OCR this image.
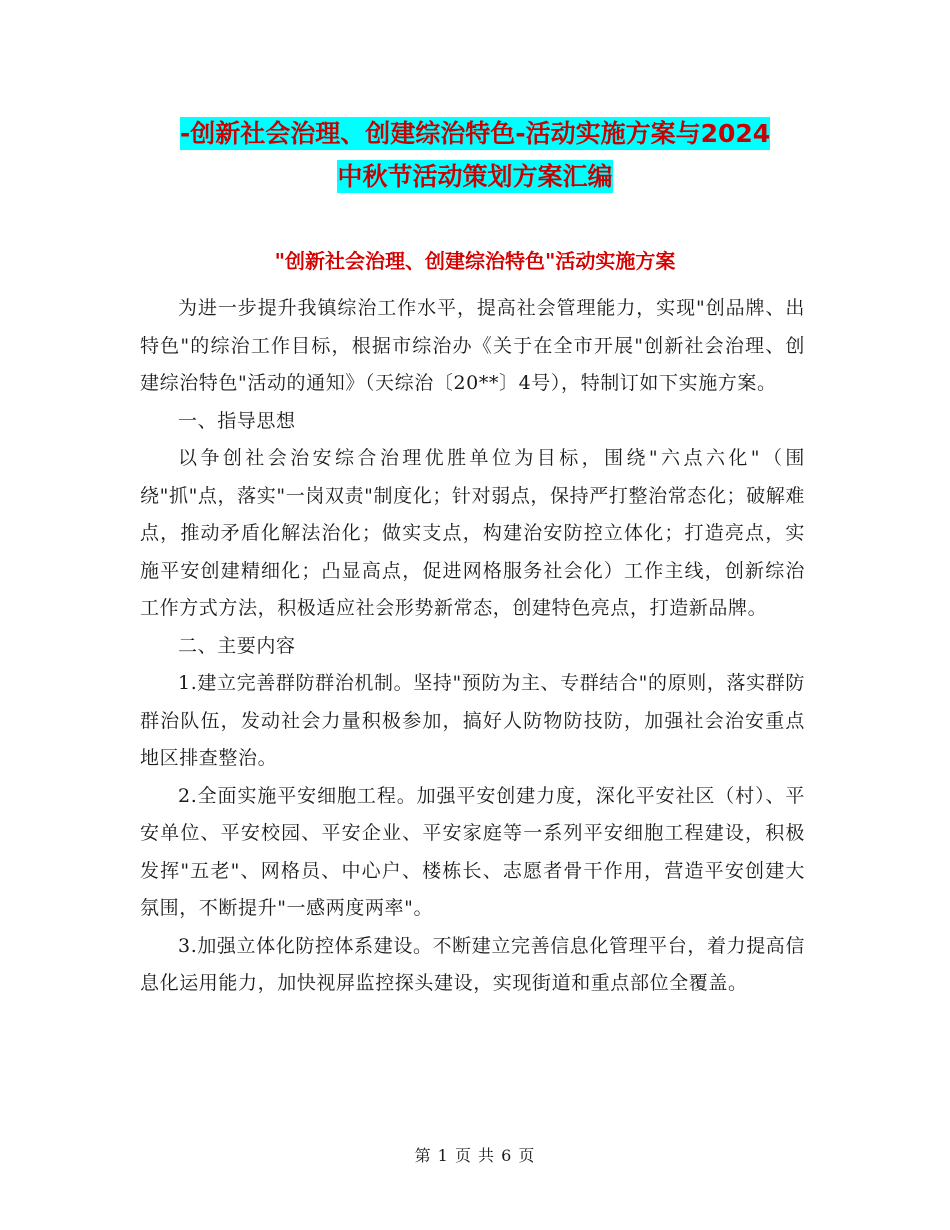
-创新社会治理、创建综治特色-活动实施方案与2024
中秋节活动策划方案汇编
"创新社会治理、创建综治特色"活动实施方案

为进一步提升我镇综治工作水平，提高社会管理能力，实现"创品牌、出特色"的综治工作目标，根据市综治办《关于在全市开展"创新社会治理、创建综治特色"活动的通知》（天综治〔20**〕4号），特制订如下实施方案。

一、指导思想

以争创社会治安综合治理优胜单位为目标，围绕"六点六化"（围绕"抓"点，落实"一岗双责"制度化；针对弱点，保持严打整治常态化；破解难点，推动矛盾化解法治化；做实支点，构建治安防控立体化；打造亮点，实施平安创建精细化；凸显高点，促进网格服务社会化）工作主线，创新综治工作方式方法，积极适应社会形势新常态，创建特色亮点，打造新品牌。

二、主要内容

1.建立完善群防群治机制。坚持"预防为主、专群结合"的原则，落实群防群治队伍，发动社会力量积极参加，搞好人防物防技防，加强社会治安重点地区排查整治。

2.全面实施平安细胞工程。加强平安创建力度，深化平安社区（村）、平安单位、平安校园、平安企业、平安家庭等一系列平安细胞工程建设，积极发挥"五老"、网格员、中心户、楼栋长、志愿者骨干作用，营造平安创建大氛围，不断提升"一感两度两率"。

3.加强立体化防控体系建设。不断建立完善信息化管理平台，着力提高信息化运用能力，加快视屏监控探头建设，实现街道和重点部位全覆盖。

第 1 页 共 6 页
